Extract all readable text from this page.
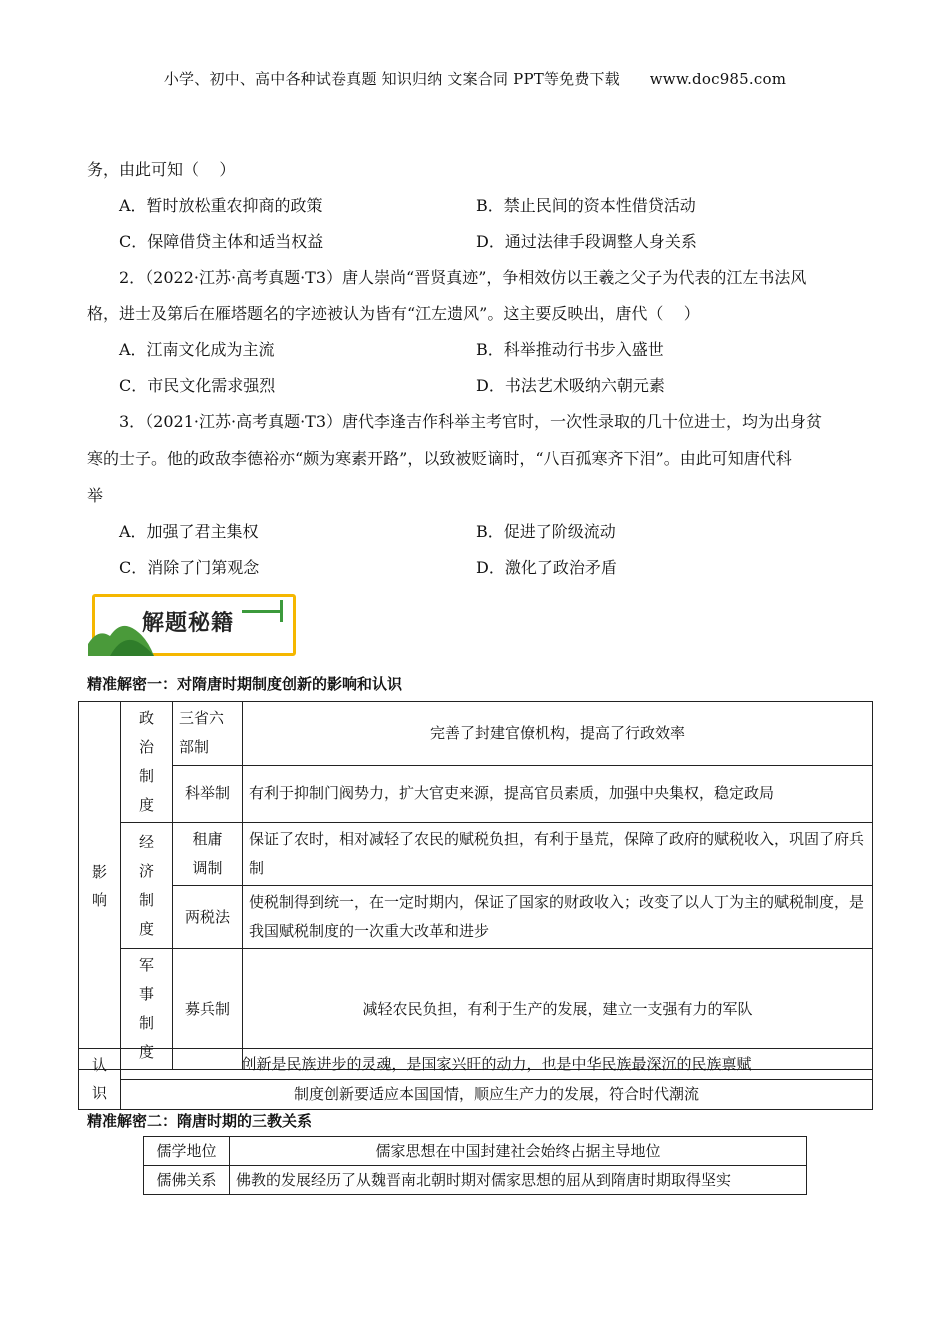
小学、初中、高中各种试卷真题 知识归纳 文案合同 PPT等免费下载      www.doc985.com
务，由此可知（    ）
A．暂时放松重农抑商的政策	B．禁止民间的资本性借贷活动
C．保障借贷主体和适当权益	D．通过法律手段调整人身关系
2．（2022·江苏·高考真题·T3）唐人崇尚“晋贤真迹”，争相效仿以王羲之父子为代表的江左书法风
格，进士及第后在雁塔题名的字迹被认为皆有“江左遗风”。这主要反映出，唐代（    ）
A．江南文化成为主流	B．科举推动行书步入盛世
C．市民文化需求强烈	D．书法艺术吸纳六朝元素
3．（2021·江苏·高考真题·T3）唐代李逢吉作科举主考官时，一次性录取的几十位进士，均为出身贫
寒的士子。他的政敌李德裕亦“颇为寒素开路”，以致被贬谪时，“八百孤寒齐下泪”。由此可知唐代科
举
A．加强了君主集权	B．促进了阶级流动
C．消除了门第观念	D．激化了政治矛盾
解题秘籍
精准解密一：对隋唐时期制度创新的影响和认识
影响	政治制度	三省六部制	完善了封建官僚机构，提高了行政效率
		科举制	有利于抑制门阀势力，扩大官吏来源，提高官员素质，加强中央集权，稳定政局
	经济制度	租庸调制	保证了农时，相对减轻了农民的赋税负担，有利于垦荒，保障了政府的赋税收入，巩固了府兵制
		两税法	使税制得到统一，在一定时期内，保证了国家的财政收入；改变了以人丁为主的赋税制度，是我国赋税制度的一次重大改革和进步
	军事制度	募兵制	减轻农民负担，有利于生产的发展，建立一支强有力的军队

认识	创新是民族进步的灵魂，是国家兴旺的动力，也是中华民族最深沉的民族禀赋
制度创新要适应本国国情，顺应生产力的发展，符合时代潮流
精准解密二：隋唐时期的三教关系
儒学地位	儒家思想在中国封建社会始终占据主导地位
儒佛关系	佛教的发展经历了从魏晋南北朝时期对儒家思想的屈从到隋唐时期取得坚实
